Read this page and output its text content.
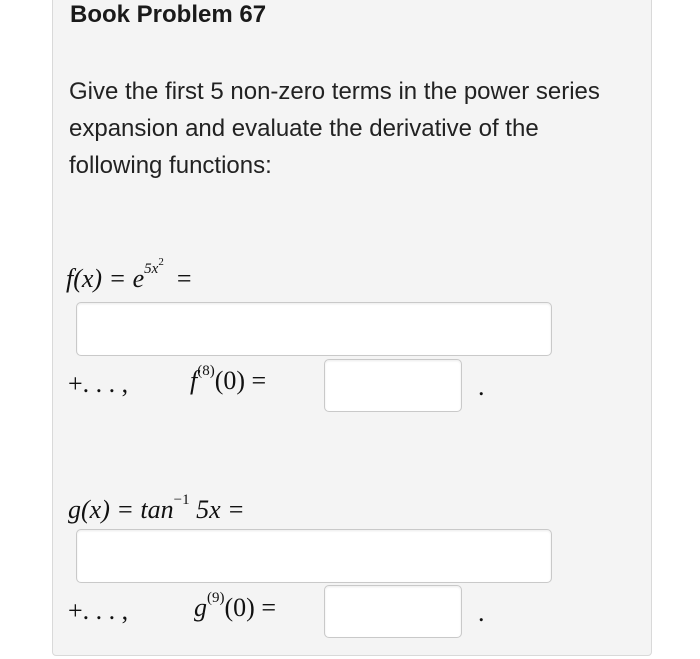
Book Problem 67

Give the first 5 non-zero terms in the power series expansion and evaluate the derivative of the following functions:

$f(x) = e^{5x^2}$  =
+. . . , $f^{(8)}(0)$ =	.
$g(x) = \tan^{-1} 5x$ =
+. . . ,	$g^{(9)}(0)$ =	.
